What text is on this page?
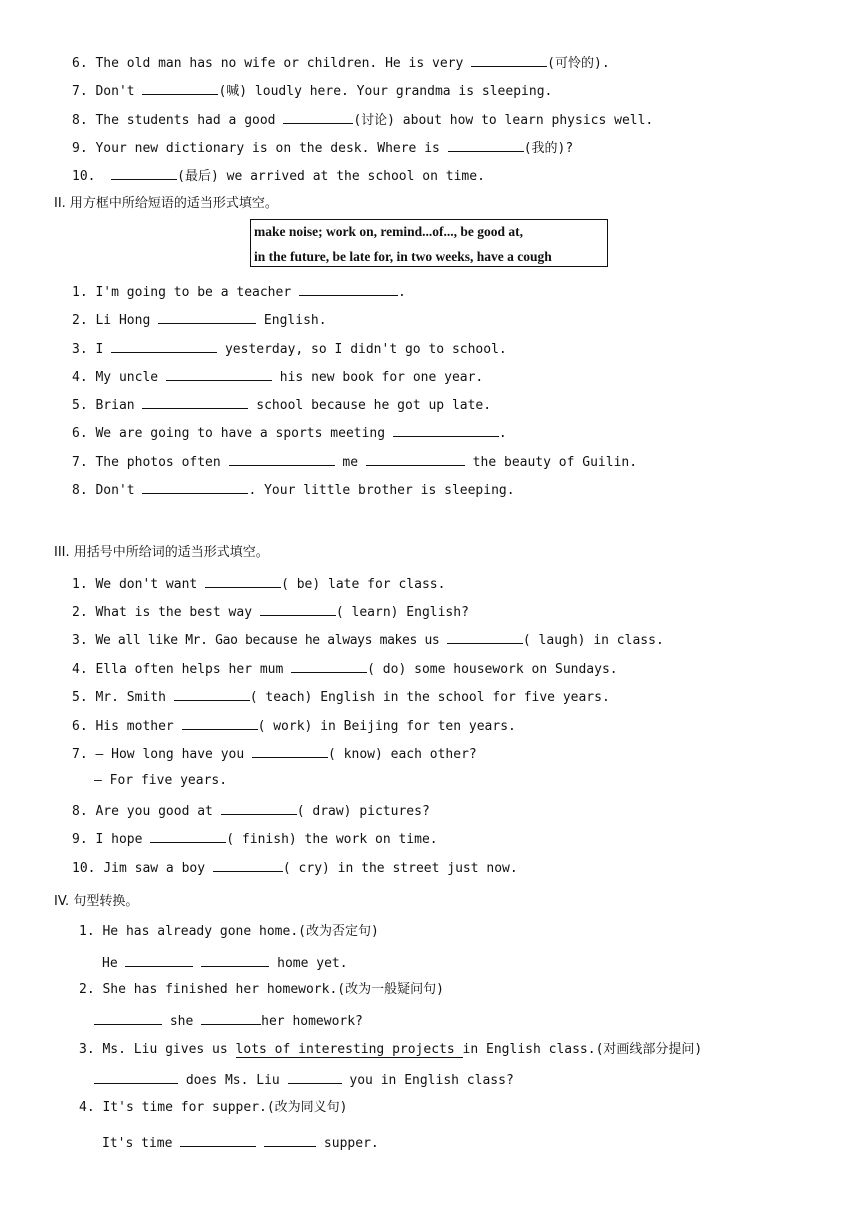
6. The old man has no wife or children. He is very	(可怜的).
7. Don't	(喊) loudly here. Your grandma is sleeping.
8. The students had a good	(讨论) about how to learn physics well.
9. Your new dictionary is on the desk. Where is	(我的)?
10.	(最后) we arrived at the school on time.
II. 用方框中所给短语的适当形式填空。
make noise; work on, remind...of..., be good at,
in the future, be late for, in two weeks, have a cough
1. I'm going to be a teacher	.
2. Li Hong	English.
3. I	yesterday, so I didn't go to school.
4. My uncle	his new book for one year.
5. Brian	school because he got up late.
6. We are going to have a sports meeting	.
7. The photos often	me	the beauty of Guilin.
8. Don't	. Your little brother is sleeping.
III. 用括号中所给词的适当形式填空。
1. We don't want	( be) late for class.
2. What is the best way	( learn) English?
3. We all like Mr. Gao because he always makes us	( laugh) in class.
4. Ella often helps her mum	( do) some housework on Sundays.
5. Mr. Smith	( teach) English in the school for five years.
6. His mother	( work) in Beijing for ten years.
7. — How long have you	( know) each other?
— For five years.
8. Are you good at	( draw) pictures?
9. I hope	( finish) the work on time.
10. Jim saw a boy	( cry) in the street just now.
IV. 句型转换。
1. He has already gone home.(改为否定句)
He	home yet.
2. She has finished her homework.(改为一般疑问句)
she	her homework?
3. Ms. Liu gives us lots of interesting projects in English class.(对画线部分提问)
does Ms. Liu	you in English class?
4. It's time for supper.(改为同义句)
It's time	supper.
